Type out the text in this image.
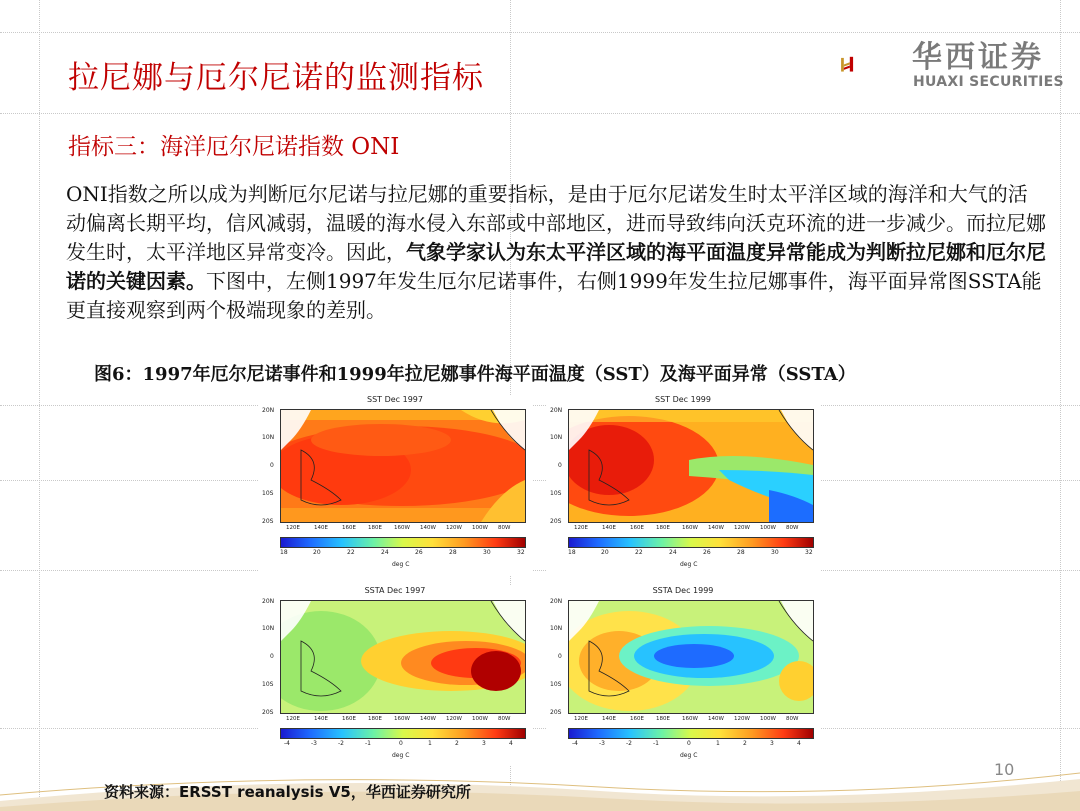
拉尼娜与厄尔尼诺的监测指标
华西证券
HUAXI SECURITIES
指标三：海洋厄尔尼诺指数 ONI
ONI指数之所以成为判断厄尔尼诺与拉尼娜的重要指标，是由于厄尔尼诺发生时太平洋区域的海洋和大气的活动偏离长期平均，信风减弱，温暖的海水侵入东部或中部地区，进而导致纬向沃克环流的进一步减少。而拉尼娜发生时，太平洋地区异常变冷。因此，气象学家认为东太平洋区域的海平面温度异常能成为判断拉尼娜和厄尔尼诺的关键因素。下图中，左侧1997年发生厄尔尼诺事件，右侧1999年发生拉尼娜事件，海平面异常图SSTA能更直接观察到两个极端现象的差别。
图6：1997年厄尔尼诺事件和1999年拉尼娜事件海平面温度（SST）及海平面异常（SSTA）
SST Dec 1997
20N
10N
0
10S
20S
120E	140E	160E 180E 160W 140W 120W 100W 80W
18	20	22	24	26	28	30	32
deg C
SST Dec 1999
20N
10N
0
10S
20S
120E	140E	160E 180E 160W 140W 120W 100W 80W
18	20	22	24	26	28	30	32
deg C
SSTA Dec 1997
20N
10N
0
10S
20S
120E	140E	160E 180E 160W 140W 120W 100W 80W
-4	-3	-2	-1	0	1	2	3	4
deg C
SSTA Dec 1999
20N
10N
0
10S
20S
120E	140E	160E 180E 160W 140W 120W 100W 80W
-4	-3	-2	-1	0	1	2	3	4
deg C
10
资料来源：ERSST reanalysis V5，华西证券研究所
